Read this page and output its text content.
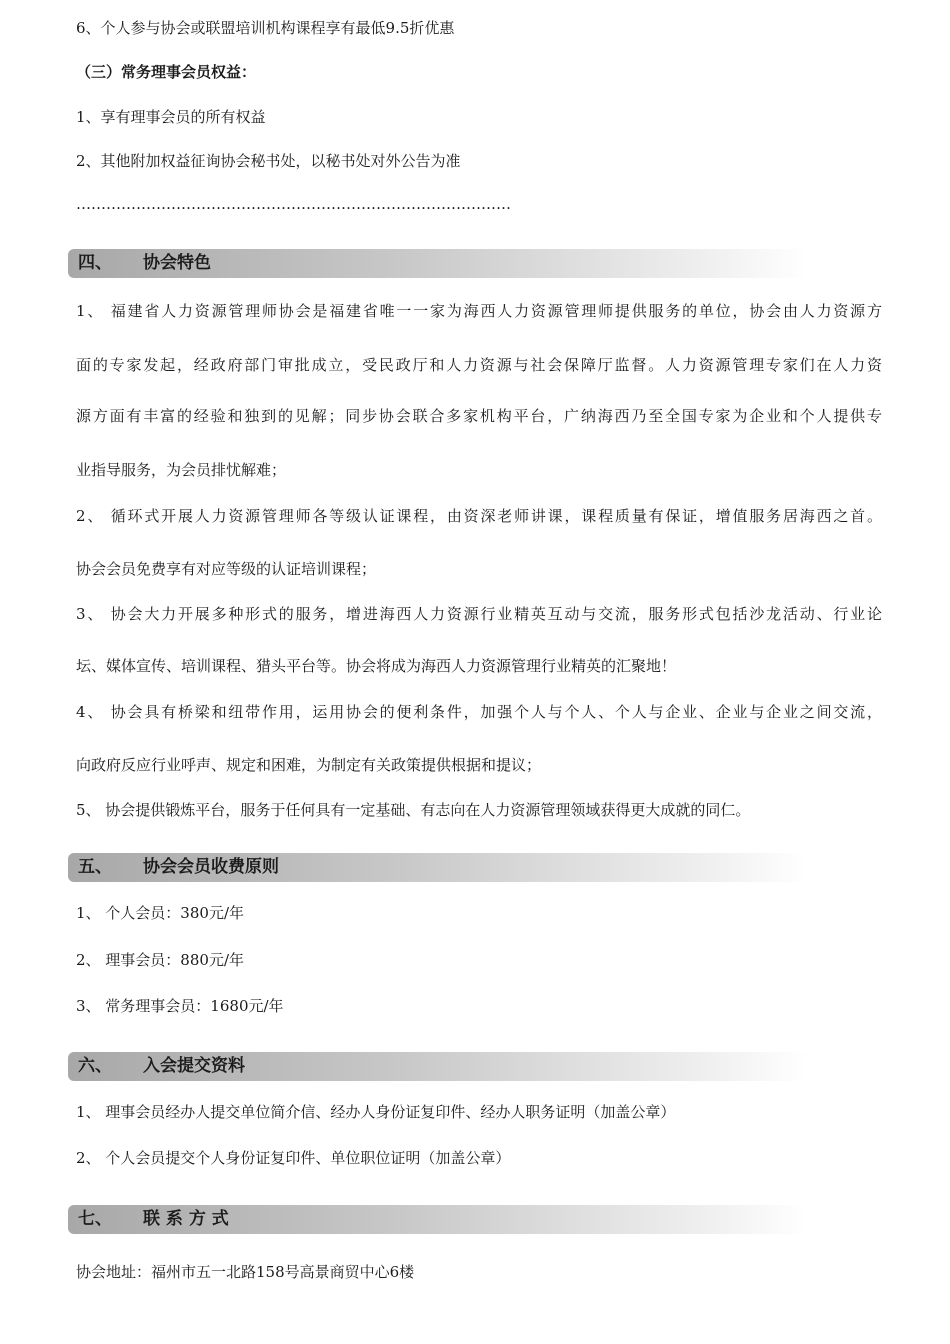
6、个人参与协会或联盟培训机构课程享有最低9.5折优惠
（三）常务理事会员权益：
1、享有理事会员的所有权益
2、其他附加权益征询协会秘书处，以秘书处对外公告为准
……………………………………………………………………………
四、 协会特色
1、 福建省人力资源管理师协会是福建省唯一一家为海西人力资源管理师提供服务的单位，协会由人力资源方
面的专家发起，经政府部门审批成立，受民政厅和人力资源与社会保障厅监督。人力资源管理专家们在人力资
源方面有丰富的经验和独到的见解；同步协会联合多家机构平台，广纳海西乃至全国专家为企业和个人提供专
业指导服务，为会员排忧解难；
2、 循环式开展人力资源管理师各等级认证课程，由资深老师讲课，课程质量有保证，增值服务居海西之首。
协会会员免费享有对应等级的认证培训课程；
3、 协会大力开展多种形式的服务，增进海西人力资源行业精英互动与交流，服务形式包括沙龙活动、行业论
坛、媒体宣传、培训课程、猎头平台等。协会将成为海西人力资源管理行业精英的汇聚地！
4、 协会具有桥梁和纽带作用，运用协会的便利条件，加强个人与个人、个人与企业、企业与企业之间交流，
向政府反应行业呼声、规定和困难，为制定有关政策提供根据和提议；
5、 协会提供锻炼平台，服务于任何具有一定基础、有志向在人力资源管理领域获得更大成就的同仁。
五、 协会会员收费原则
1、 个人会员：380元/年
2、 理事会员：880元/年
3、 常务理事会员：1680元/年
六、 入会提交资料
1、 理事会员经办人提交单位简介信、经办人身份证复印件、经办人职务证明（加盖公章）
2、 个人会员提交个人身份证复印件、单位职位证明（加盖公章）
七、 联 系 方 式
协会地址：福州市五一北路158号高景商贸中心6楼
